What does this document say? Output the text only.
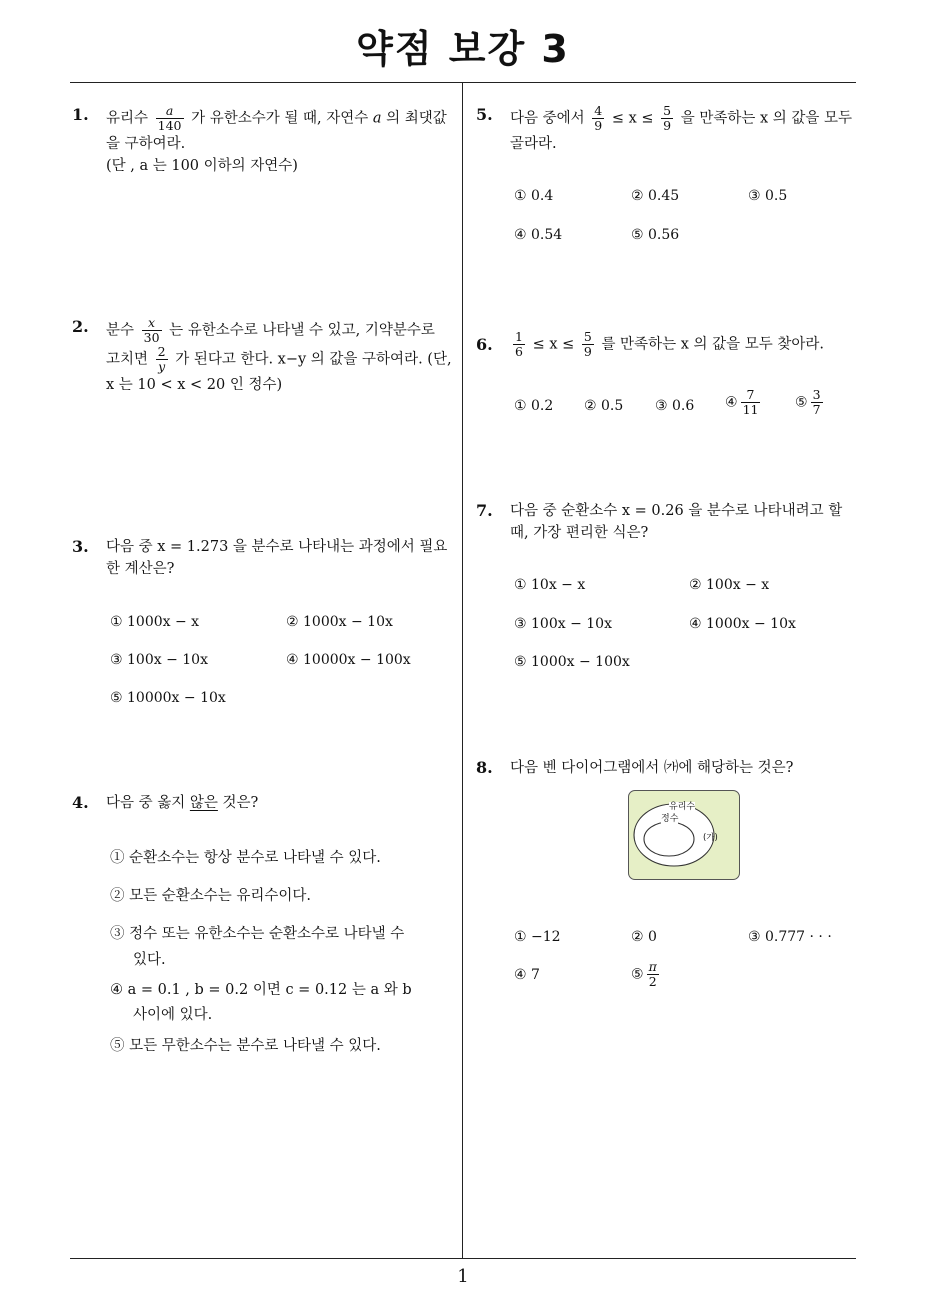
약점 보강 3
1
1. 유리수 $\frac{a}{140}$ 가 유한소수가 될 때, 자연수 a 의 최댓값
을 구하여라.
(단 , a 는 100 이하의 자연수)
2. 분수 $\frac{x}{30}$ 는 유한소수로 나타낼 수 있고, 기약분수로
고치면 $\frac{2}{y}$ 가 된다고 한다. x−y 의 값을 구하여라. (단,
x 는 10 < x < 20 인 정수)
3. 다음 중 x = 1.273 을 분수로 나타내는 과정에서 필요
한 계산은?
① 1000x − x	② 1000x − 10x
③ 100x − 10x	④ 10000x − 100x
⑤ 10000x − 10x
4. 다음 중 옳지 않은 것은?
① 순환소수는 항상 분수로 나타낼 수 있다.
② 모든 순환소수는 유리수이다.
③ 정수 또는 유한소수는 순환소수로 나타낼 수
있다.
④ a = 0.1 , b = 0.2 이면 c = 0.12 는 a 와 b
사이에 있다.
⑤ 모든 무한소수는 분수로 나타낼 수 있다.
5. 다음 중에서 $\frac{4}{9} \le x \le \frac{5}{9}$ 을 만족하는 x 의 값을 모두
골라라.
① 0.4	② 0.45	③ 0.5
④ 0.54	⑤ 0.56
6. $\frac{1}{6} \le x \le \frac{5}{9}$ 를 만족하는 x 의 값을 모두 찾아라.
① 0.2 ② 0.5 ③ 0.6 ④ $\frac{7}{11}$ ⑤ $\frac{3}{7}$
7. 다음 중 순환소수 x = 0.26 을 분수로 나타내려고 할
때, 가장 편리한 식은?
① 10x − x	② 100x − x
③ 100x − 10x	④ 1000x − 10x
⑤ 1000x − 100x
8. 다음 벤 다이어그램에서 ㈎에 해당하는 것은?
유리수
정수
(가)
① −12	② 0	③ 0.777 · · ·
④ 7	⑤ $\frac{\pi}{2}$
